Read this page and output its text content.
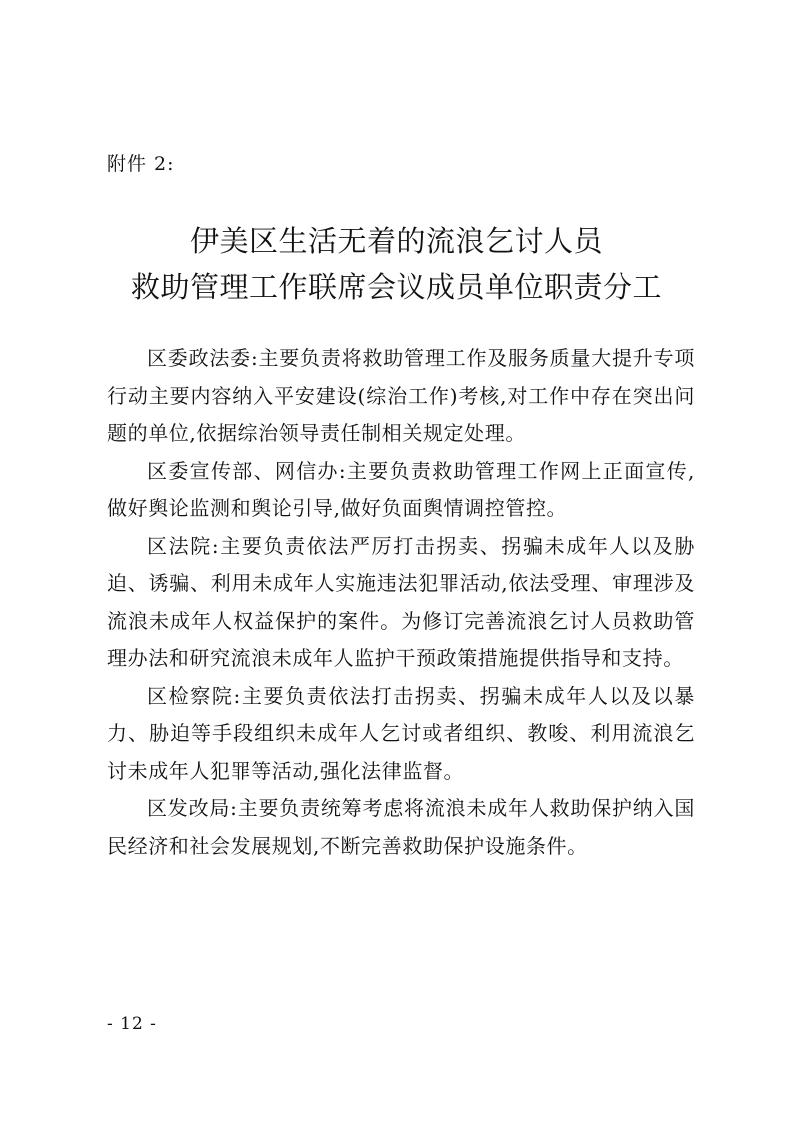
附件 2:
伊美区生活无着的流浪乞讨人员
救助管理工作联席会议成员单位职责分工

区委政法委:主要负责将救助管理工作及服务质量大提升专项行动主要内容纳入平安建设(综治工作)考核,对工作中存在突出问题的单位,依据综治领导责任制相关规定处理。

区委宣传部、网信办:主要负责救助管理工作网上正面宣传,做好舆论监测和舆论引导,做好负面舆情调控管控。

区法院:主要负责依法严厉打击拐卖、拐骗未成年人以及胁迫、诱骗、利用未成年人实施违法犯罪活动,依法受理、审理涉及流浪未成年人权益保护的案件。为修订完善流浪乞讨人员救助管理办法和研究流浪未成年人监护干预政策措施提供指导和支持。

区检察院:主要负责依法打击拐卖、拐骗未成年人以及以暴力、胁迫等手段组织未成年人乞讨或者组织、教唆、利用流浪乞讨未成年人犯罪等活动,强化法律监督。

区发改局:主要负责统筹考虑将流浪未成年人救助保护纳入国民经济和社会发展规划,不断完善救助保护设施条件。

- 12 -
